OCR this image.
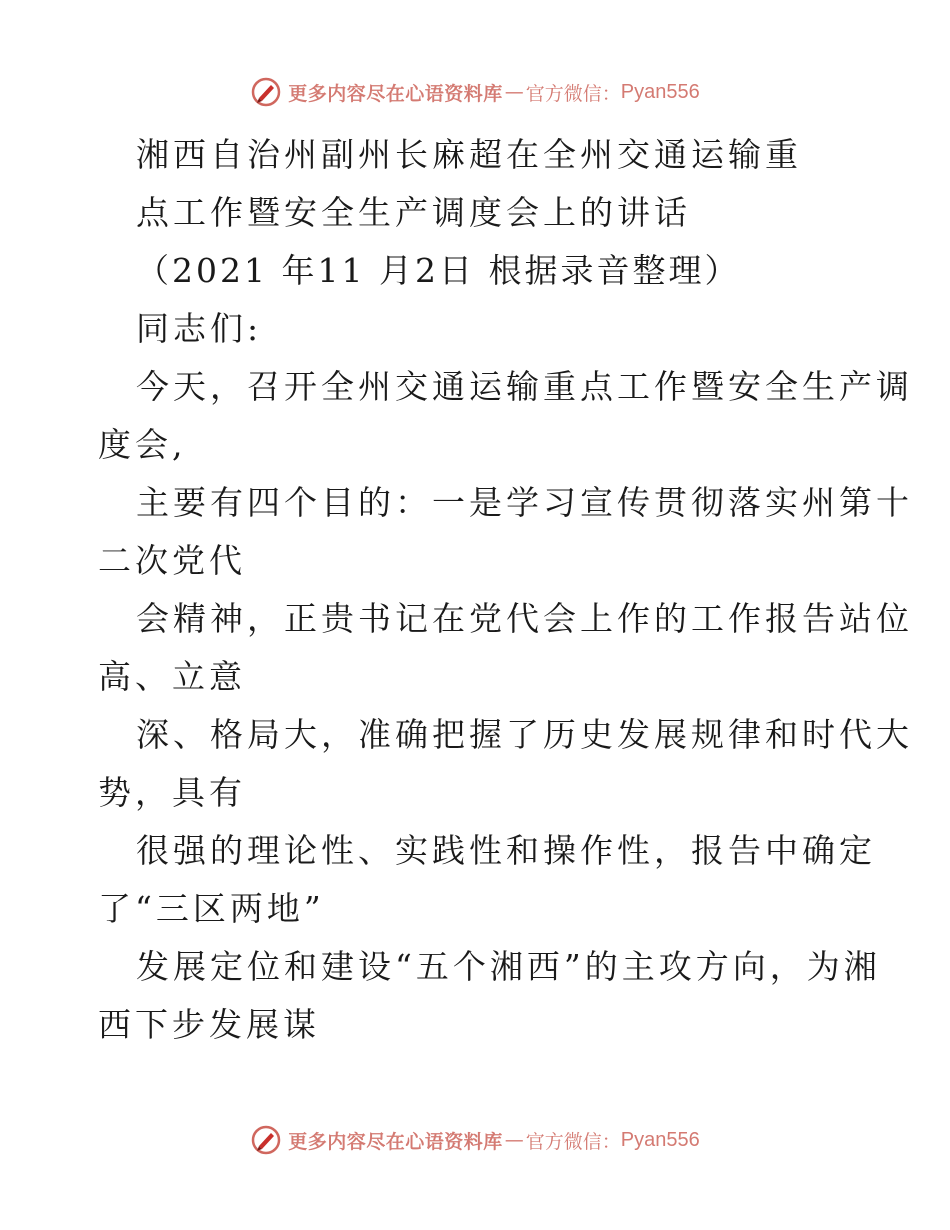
更多内容尽在心语资料库 — 官方微信： Pyan556
湘西自治州副州长麻超在全州交通运输重
点工作暨安全生产调度会上的讲话
（2021 年11 月2日 根据录音整理）
同志们:
今天，召开全州交通运输重点工作暨安全生产调
度会,
主要有四个目的：一是学习宣传贯彻落实州第十
二次党代
会精神，正贵书记在党代会上作的工作报告站位
高、立意
深、格局大，准确把握了历史发展规律和时代大
势，具有
很强的理论性、实践性和操作性，报告中确定
了“三区两地”
发展定位和建设“五个湘西”的主攻方向，为湘
西下步发展谋
更多内容尽在心语资料库 — 官方微信： Pyan556
